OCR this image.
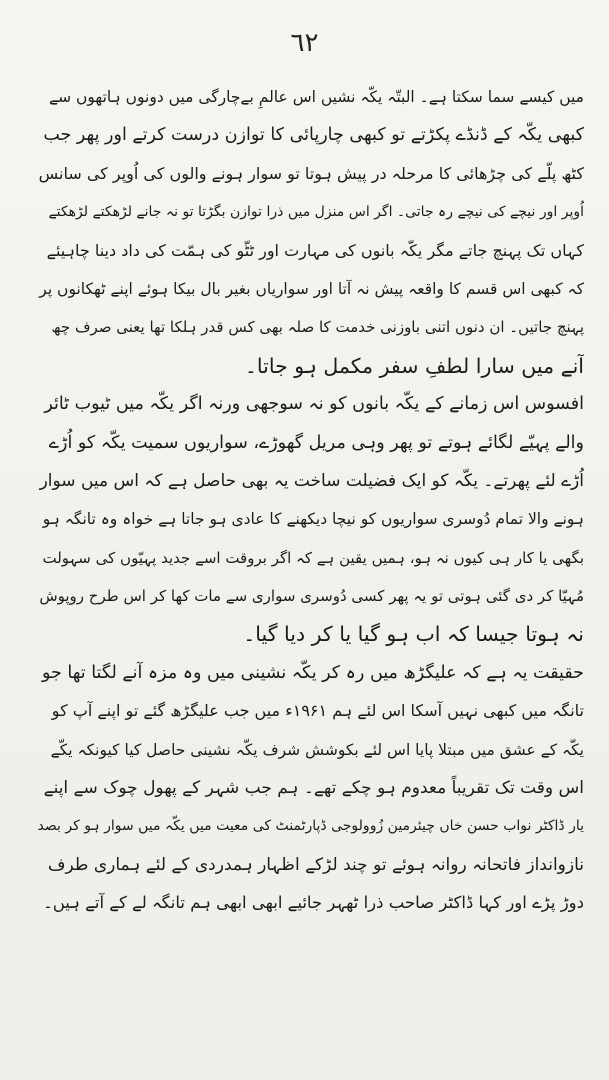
٦٢
میں کیسے سما سکتا ہے۔ البتّہ یکّہ نشیں اس عالمِ بےچارگی میں دونوں ہاتھوں سے
کبھی یکّہ کے ڈنڈے پکڑتے تو کبھی چارپائی کا توازن درست کرتے اور پھر جب
کٹھ پلّے کی چڑھائی کا مرحلہ در پیش ہوتا تو سوار ہونے والوں کی اُوپر کی سانس
اُوپر اور نیچے کی نیچے رہ جاتی۔ اگر اس منزل میں ذرا توازن بگڑتا تو نہ جانے لڑھکتے لڑھکتے
کہاں تک پہنچ جاتے مگر یکّہ بانوں کی مہارت اور ٹٹّو کی ہمّت کی داد دینا چاہیئے
کہ کبھی اس قسم کا واقعہ پیش نہ آتا اور سواریاں بغیر بال بیکا ہوئے اپنے ٹھکانوں پر
پہنچ جاتیں۔ ان دنوں اتنی باوزنی خدمت کا صلہ بھی کس قدر ہلکا تھا یعنی صرف چھ
آنے میں سارا لطفِ سفر مکمل ہو جاتا۔
افسوس اس زمانے کے یکّہ بانوں کو نہ سوجھی ورنہ اگر یکّہ میں ٹیوب ٹائر
والے پہیّے لگائے ہوتے تو پھر وہی مریل گھوڑے، سواریوں سمیت یکّہ کو اُڑے
اُڑے لئے پھرتے۔ یکّہ کو ایک فضیلت ساخت یہ بھی حاصل ہے کہ اس میں سوار
ہونے والا تمام دُوسری سواریوں کو نیچا دیکھنے کا عادی ہو جاتا ہے خواہ وہ تانگہ ہو
بگھی یا کار ہی کیوں نہ ہو، ہمیں یقین ہے کہ اگر بروقت اسے جدید پہیّوں کی سہولت
مُہیّا کر دی گئی ہوتی تو یہ پھر کسی دُوسری سواری سے مات کھا کر اس طرح روپوش
نہ ہوتا جیسا کہ اب ہو گیا یا کر دیا گیا۔
حقیقت یہ ہے کہ علیگڑھ میں رہ کر یکّہ نشینی میں وہ مزہ آنے لگتا تھا جو
تانگہ میں کبھی نہیں آسکا اس لئے ہم ۱۹۶۱ء میں جب علیگڑھ گئے تو اپنے آپ کو
یکّہ کے عشق میں مبتلا پایا اس لئے بکوشش شرف یکّہ نشینی حاصل کیا کیونکہ یکّے
اس وقت تک تقریباً معدوم ہو چکے تھے۔ ہم جب شہر کے پھول چوک سے اپنے
یار ڈاکٹر نواب حسن خاں چیئرمین زُوولوجی ڈپارٹمنٹ کی معیت میں یکّہ میں سوار ہو کر بصد
نازوانداز فاتحانہ روانہ ہوئے تو چند لڑکے اظہار ہمدردی کے لئے ہماری طرف
دوڑ پڑے اور کہا ڈاکٹر صاحب ذرا ٹھہر جائیے ابھی ابھی ہم تانگہ لے کے آتے ہیں۔
